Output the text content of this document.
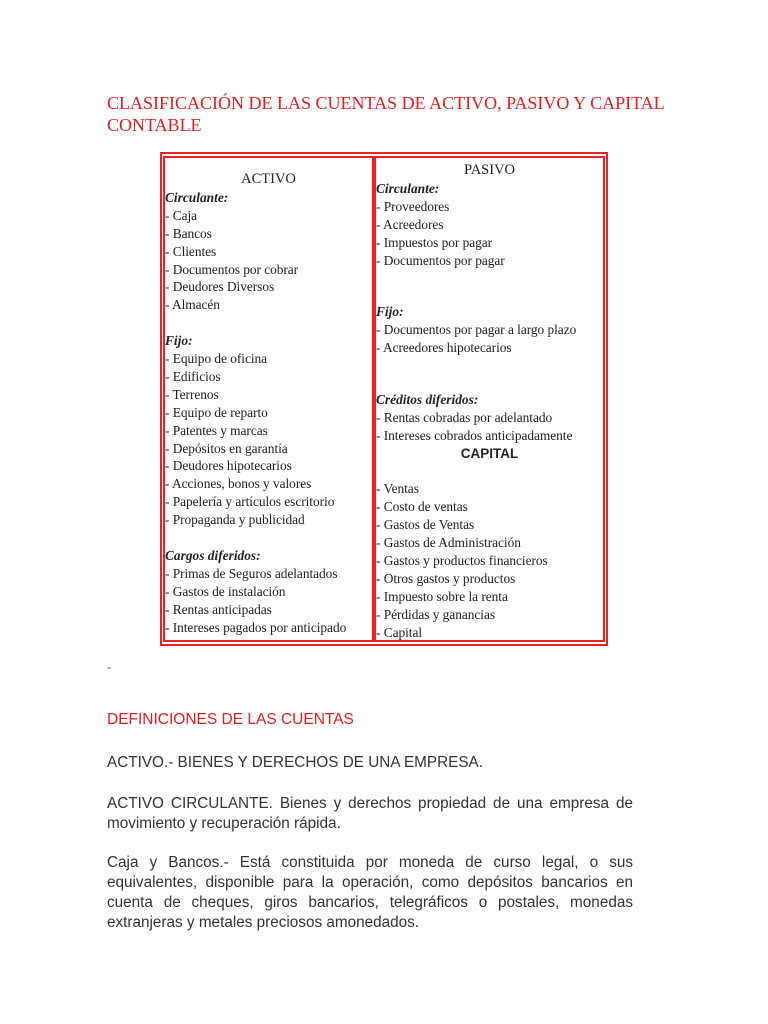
CLASIFICACIÓN DE LAS CUENTAS DE ACTIVO, PASIVO Y CAPITAL CONTABLE
ACTIVO
Circulante:
- Caja
- Bancos
- Clientes
- Documentos por cobrar
- Deudores Diversos
- Almacén
Fijo:
- Equipo de oficina
- Edificios
- Terrenos
- Equipo de reparto
- Patentes y marcas
- Depósitos en garantía
- Deudores hipotecarios
- Acciones, bonos y valores
- Papelería y artículos escritorio
- Propaganda y publicidad
Cargos diferidos:
- Primas de Seguros adelantados
- Gastos de instalación
- Rentas anticipadas
- Intereses pagados por anticipado
PASIVO
Circulante:
- Proveedores
- Acreedores
- Impuestos por pagar
- Documentos por pagar
Fijo:
- Documentos por pagar a largo plazo
- Acreedores hipotecarios
Créditos diferidos:
- Rentas cobradas por adelantado
- Intereses cobrados anticipadamente
CAPITAL
- Ventas
- Costo de ventas
- Gastos de Ventas
- Gastos de Administración
- Gastos y productos financieros
- Otros gastos y productos
- Impuesto sobre la renta
- Pérdidas y ganancias
- Capital
-
DEFINICIONES DE LAS CUENTAS
ACTIVO.- BIENES Y DERECHOS DE UNA EMPRESA.
ACTIVO CIRCULANTE. Bienes y derechos propiedad de una empresa de movimiento y recuperación rápida.
Caja y Bancos.- Está constituida por moneda de curso legal, o sus equivalentes, disponible para la operación, como depósitos bancarios en cuenta de cheques, giros bancarios, telegráficos o postales, monedas extranjeras y metales preciosos amonedados.
